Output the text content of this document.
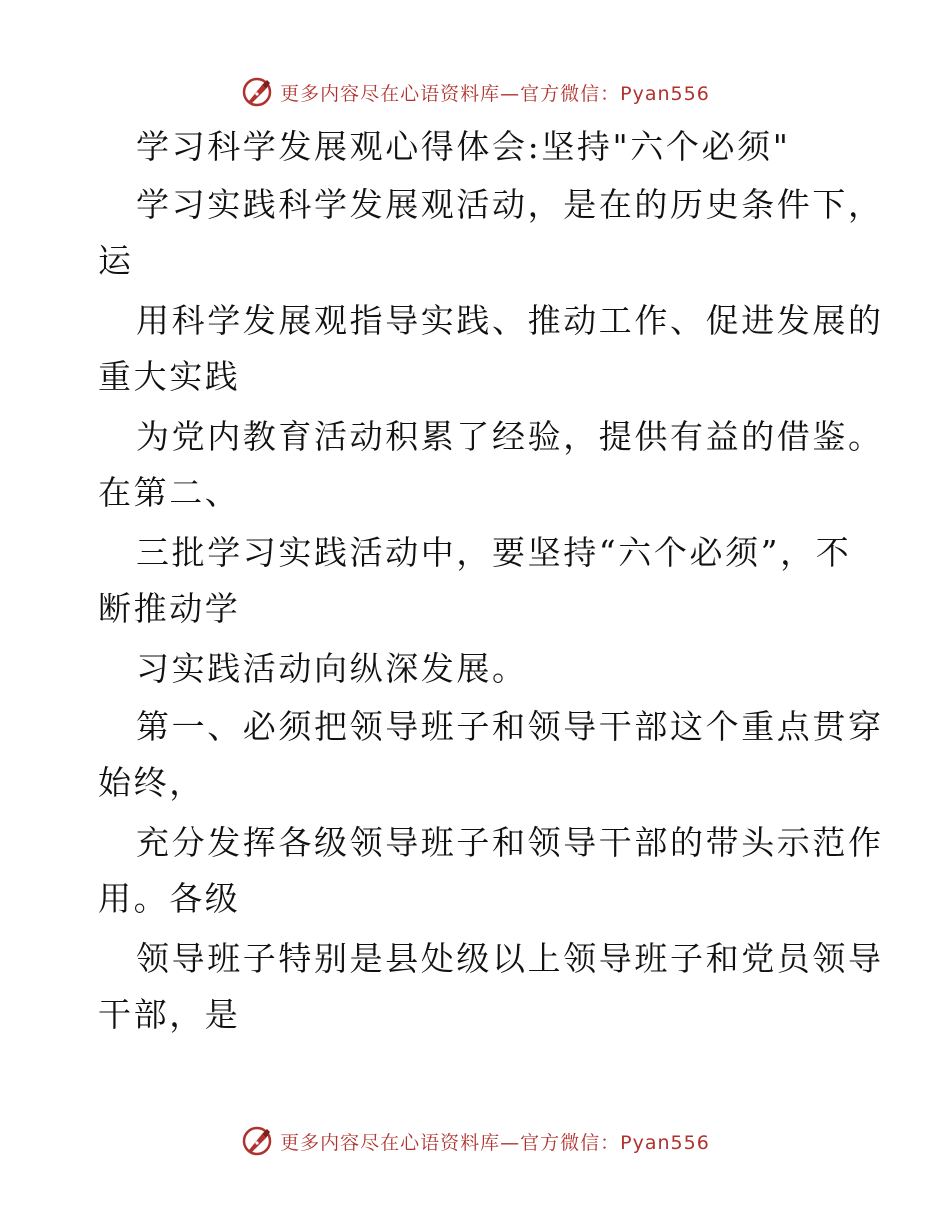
更多内容尽在心语资料库—官方微信：Pyan556
学习科学发展观心得体会:坚持"六个必须"
学习实践科学发展观活动，是在的历史条件下，
运
用科学发展观指导实践、推动工作、促进发展的
重大实践
为党内教育活动积累了经验，提供有益的借鉴。
在第二、
三批学习实践活动中，要坚持“六个必须”，不
断推动学
习实践活动向纵深发展。
第一、必须把领导班子和领导干部这个重点贯穿
始终，
充分发挥各级领导班子和领导干部的带头示范作
用。各级
领导班子特别是县处级以上领导班子和党员领导
干部，是
更多内容尽在心语资料库—官方微信：Pyan556
